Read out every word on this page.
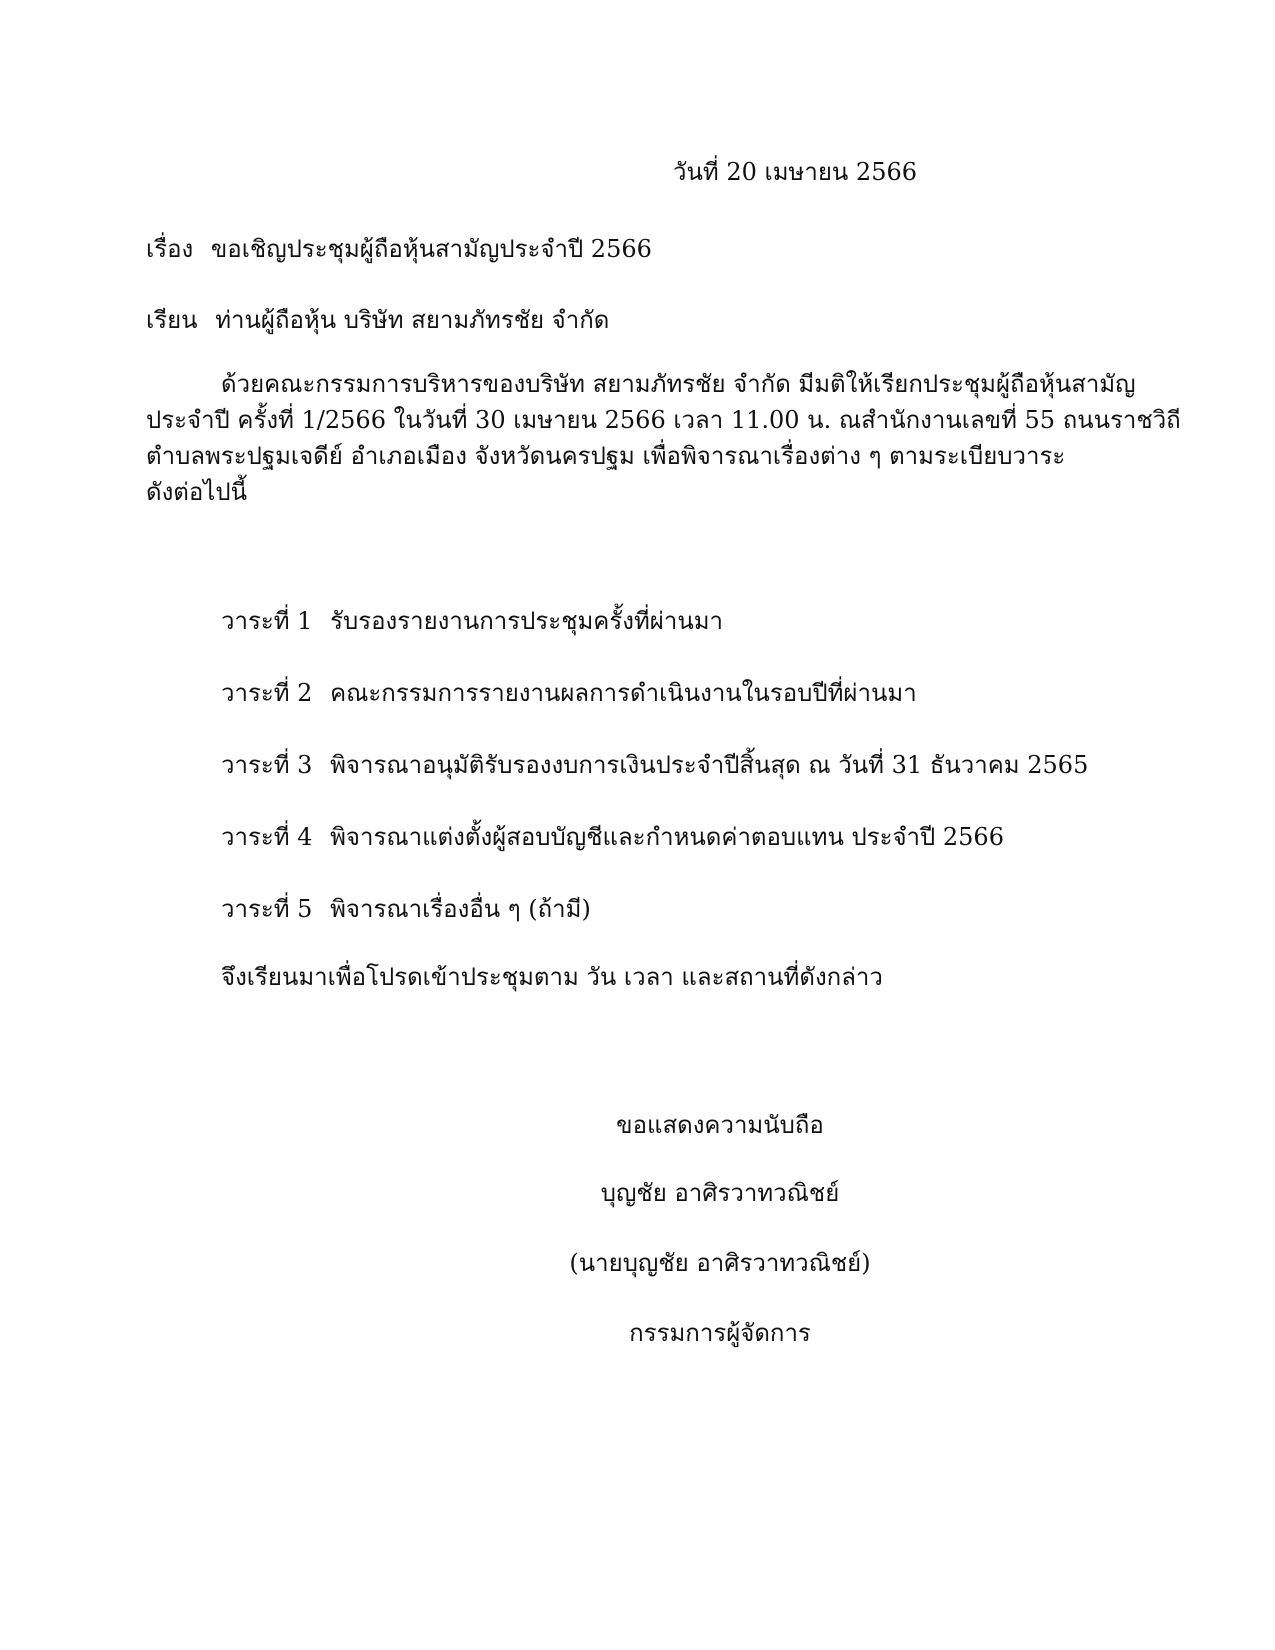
วันที่ 20 เมษายน 2566
เรื่อง ขอเชิญประชุมผู้ถือหุ้นสามัญประจำปี 2566
เรียน ท่านผู้ถือหุ้น บริษัท สยามภัทรชัย จำกัด
ด้วยคณะกรรมการบริหารของบริษัท สยามภัทรชัย จำกัด มีมติให้เรียกประชุมผู้ถือหุ้นสามัญ
ประจำปี ครั้งที่ 1/2566 ในวันที่ 30 เมษายน 2566 เวลา 11.00 น. ณสำนักงานเลขที่ 55 ถนนราชวิถี
ตำบลพระปฐมเจดีย์ อำเภอเมือง จังหวัดนครปฐม เพื่อพิจารณาเรื่องต่าง ๆ ตามระเบียบวาระ
ดังต่อไปนี้
วาระที่ 1 รับรองรายงานการประชุมครั้งที่ผ่านมา
วาระที่ 2 คณะกรรมการรายงานผลการดำเนินงานในรอบปีที่ผ่านมา
วาระที่ 3 พิจารณาอนุมัติรับรองงบการเงินประจำปีสิ้นสุด ณ วันที่ 31 ธันวาคม 2565
วาระที่ 4 พิจารณาแต่งตั้งผู้สอบบัญชีและกำหนดค่าตอบแทน ประจำปี 2566
วาระที่ 5 พิจารณาเรื่องอื่น ๆ (ถ้ามี)
จึงเรียนมาเพื่อโปรดเข้าประชุมตาม วัน เวลา และสถานที่ดังกล่าว
ขอแสดงความนับถือ
บุญชัย อาศิรวาทวณิชย์
(นายบุญชัย อาศิรวาทวณิชย์)
กรรมการผู้จัดการ
